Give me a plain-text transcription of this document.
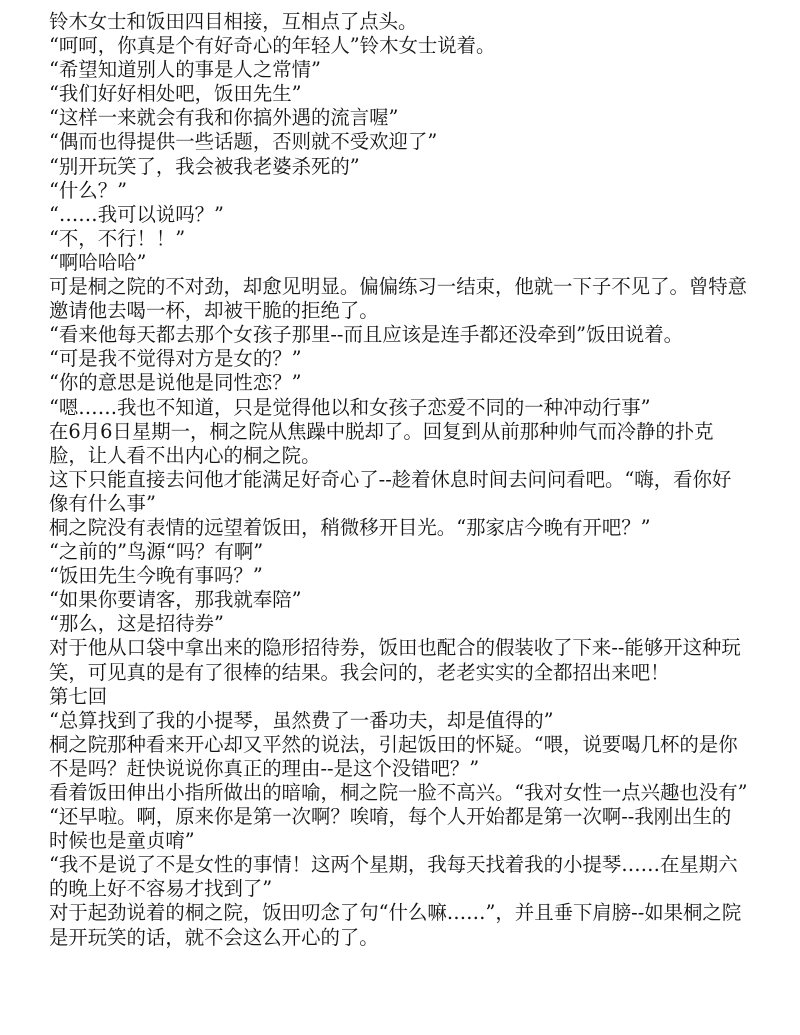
铃木女士和饭田四目相接，互相点了点头。

“呵呵，你真是个有好奇心的年轻人”铃木女士说着。

“希望知道别人的事是人之常情”

“我们好好相处吧，饭田先生”

“这样一来就会有我和你搞外遇的流言喔”

“偶而也得提供一些话题，否则就不受欢迎了”

“别开玩笑了，我会被我老婆杀死的”

“什么？”

“……我可以说吗？”

“不，不行！！”

“啊哈哈哈”

可是桐之院的不对劲，却愈见明显。偏偏练习一结束，他就一下子不见了。曾特意邀请他去喝一杯，却被干脆的拒绝了。

“看来他每天都去那个女孩子那里--而且应该是连手都还没牵到”饭田说着。

“可是我不觉得对方是女的？”

“你的意思是说他是同性恋？”

“嗯……我也不知道，只是觉得他以和女孩子恋爱不同的一种冲动行事”

在6月6日星期一，桐之院从焦躁中脱却了。回复到从前那种帅气而冷静的扑克脸，让人看不出内心的桐之院。

这下只能直接去问他才能满足好奇心了--趁着休息时间去问问看吧。“嗨，看你好像有什么事”

桐之院没有表情的远望着饭田，稍微移开目光。“那家店今晚有开吧？”

“之前的”鸟源“吗？有啊”

“饭田先生今晚有事吗？”

“如果你要请客，那我就奉陪”

“那么，这是招待券”

对于他从口袋中拿出来的隐形招待券，饭田也配合的假装收了下来--能够开这种玩笑，可见真的是有了很棒的结果。我会问的，老老实实的全都招出来吧！

第七回

“总算找到了我的小提琴，虽然费了一番功夫，却是值得的”

桐之院那种看来开心却又平然的说法，引起饭田的怀疑。“喂，说要喝几杯的是你不是吗？赶快说说你真正的理由--是这个没错吧？”

看着饭田伸出小指所做出的暗喻，桐之院一脸不高兴。“我对女性一点兴趣也没有”

“还早啦。啊，原来你是第一次啊？唉唷，每个人开始都是第一次啊--我刚出生的时候也是童贞唷”

“我不是说了不是女性的事情！这两个星期，我每天找着我的小提琴……在星期六的晚上好不容易才找到了”

对于起劲说着的桐之院，饭田叨念了句“什么嘛……”，并且垂下肩膀--如果桐之院是开玩笑的话，就不会这么开心的了。
